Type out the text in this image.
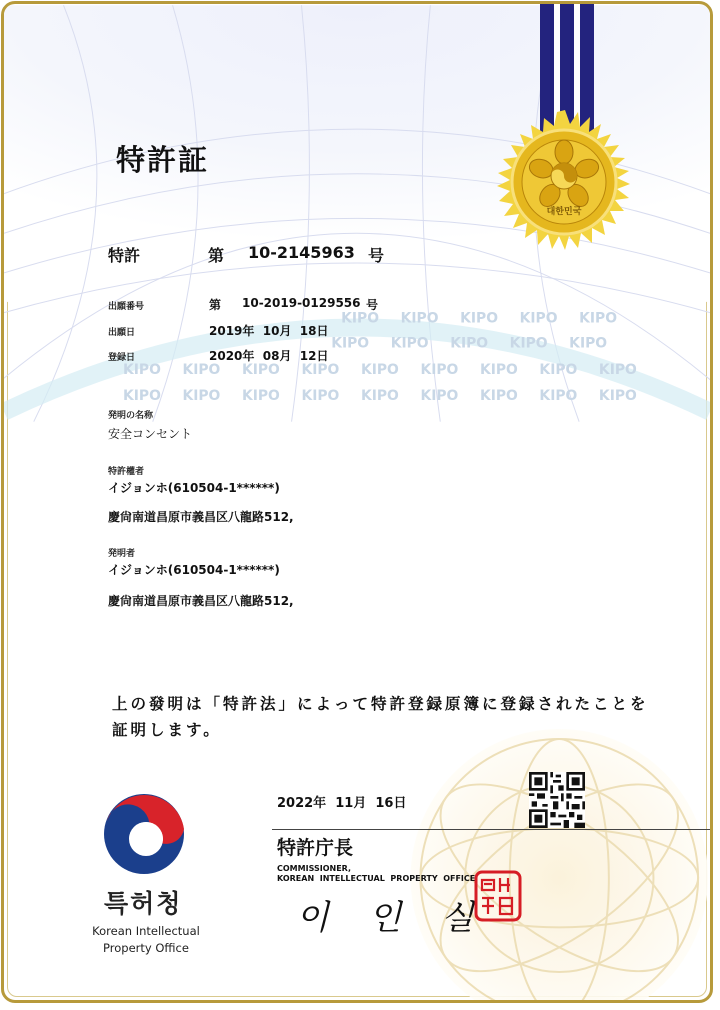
KIPO KIPO KIPO KIPO KIPO
KIPO KIPO KIPO KIPO KIPO
KIPO KIPO KIPO KIPO KIPO KIPO KIPO KIPO KIPO
KIPO KIPO KIPO KIPO KIPO KIPO KIPO KIPO KIPO
대한민국
特許証
特許	第 10-2145963 号
出願番号	第 10-2019-0129556 号
出願日	2019年  10月  18日
登録日	2020年  08月  12日
発明の名称
安全コンセント
特許權者
イジョンホ(610504-1******)
慶尙南道昌原市義昌区八龍路512,
発明者
イジョンホ(610504-1******)
慶尙南道昌原市義昌区八龍路512,
上の發明は「特許法」によって特許登録原簿に登録されたことを
証明します。
2022年  11月  16日
特許庁長
COMMISSIONER,
KOREAN  INTELLECTUAL  PROPERTY  OFFICE
이  인  실
특허청
Korean Intellectual
Property Office
